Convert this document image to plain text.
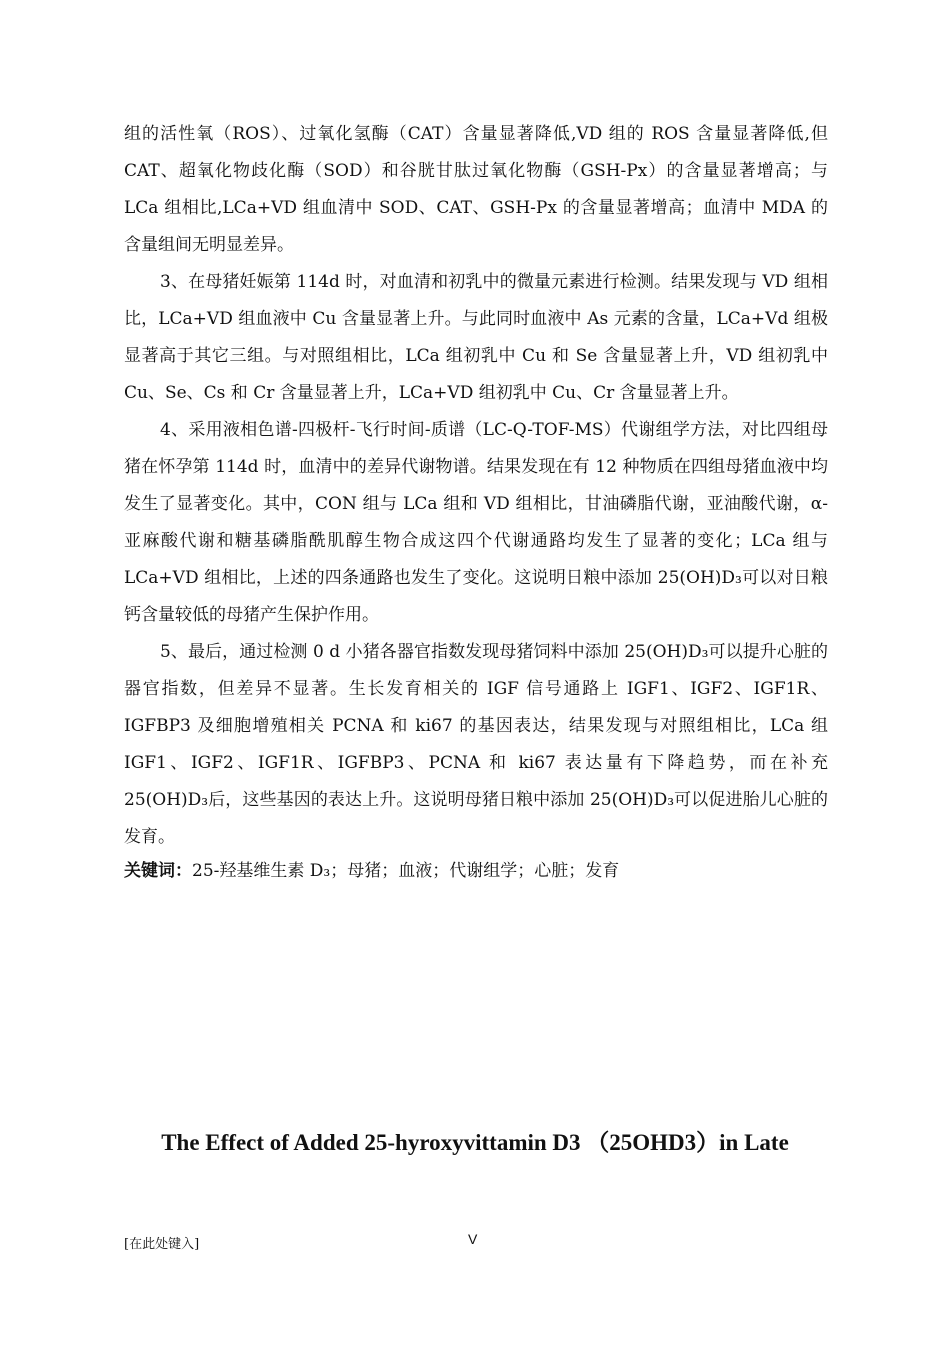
组的活性氧（ROS）、过氧化氢酶（CAT）含量显著降低,VD 组的 ROS 含量显著降低,但 CAT、超氧化物歧化酶（SOD）和谷胱甘肽过氧化物酶（GSH-Px）的含量显著增高；与 LCa 组相比,LCa+VD 组血清中 SOD、CAT、GSH-Px 的含量显著增高；血清中 MDA 的含量组间无明显差异。

3、在母猪妊娠第 114d 时，对血清和初乳中的微量元素进行检测。结果发现与 VD 组相比，LCa+VD 组血液中 Cu 含量显著上升。与此同时血液中 As 元素的含量，LCa+Vd 组极显著高于其它三组。与对照组相比，LCa 组初乳中 Cu 和 Se 含量显著上升，VD 组初乳中 Cu、Se、Cs 和 Cr 含量显著上升，LCa+VD 组初乳中 Cu、Cr 含量显著上升。

4、采用液相色谱-四极杆-飞行时间-质谱（LC-Q-TOF-MS）代谢组学方法，对比四组母猪在怀孕第 114d 时，血清中的差异代谢物谱。结果发现在有 12 种物质在四组母猪血液中均发生了显著变化。其中，CON 组与 LCa 组和 VD 组相比，甘油磷脂代谢，亚油酸代谢，α-亚麻酸代谢和糖基磷脂酰肌醇生物合成这四个代谢通路均发生了显著的变化；LCa 组与 LCa+VD 组相比，上述的四条通路也发生了变化。这说明日粮中添加 25(OH)D₃可以对日粮钙含量较低的母猪产生保护作用。

5、最后，通过检测 0 d 小猪各器官指数发现母猪饲料中添加 25(OH)D₃可以提升心脏的器官指数，但差异不显著。生长发育相关的 IGF 信号通路上 IGF1、IGF2、IGF1R、IGFBP3 及细胞增殖相关 PCNA 和 ki67 的基因表达，结果发现与对照组相比，LCa 组 IGF1、IGF2、IGF1R、IGFBP3、PCNA 和 ki67 表达量有下降趋势，而在补充 25(OH)D₃后，这些基因的表达上升。这说明母猪日粮中添加 25(OH)D₃可以促进胎儿心脏的发育。

关键词：25-羟基维生素 D₃；母猪；血液；代谢组学；心脏；发育

The Effect of Added 25-hyroxyvittamin D3 （25OHD3）in Late
[在此处键入]	V
